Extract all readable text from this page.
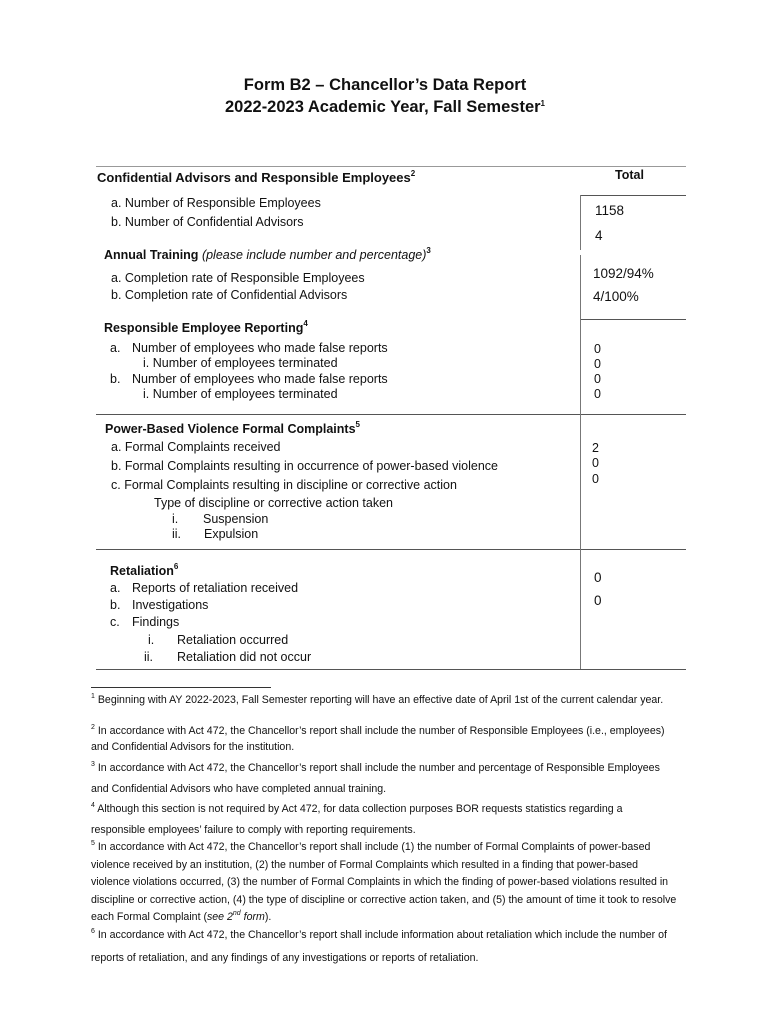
Form B2 – Chancellor’s Data Report
2022-2023 Academic Year, Fall Semester$^1$
Confidential Advisors and Responsible Employees$^2$	Total
a. Number of Responsible Employees
b. Number of Confidential Advisors
1158
4
Annual Training (please include number and percentage)$^3$
a. Completion rate of Responsible Employees
b. Completion rate of Confidential Advisors
1092/94%
4/100%
Responsible Employee Reporting$^4$
a. Number of employees who made false reports
i. Number of employees terminated
b. Number of employees who made false reports
i. Number of employees terminated
0
0
0
0
Power-Based Violence Formal Complaints$^5$
a. Formal Complaints received
b. Formal Complaints resulting in occurrence of power-based violence
c. Formal Complaints resulting in discipline or corrective action
Type of discipline or corrective action taken
i. Suspension
ii. Expulsion
2
0
0
Retaliation$^6$
a. Reports of retaliation received
b. Investigations
c. Findings
i. Retaliation occurred
ii. Retaliation did not occur
0
0
$^1$ Beginning with AY 2022-2023, Fall Semester reporting will have an effective date of April 1st of the current calendar year.
$^2$ In accordance with Act 472, the Chancellor’s report shall include the number of Responsible Employees (i.e., employees) and Confidential Advisors for the institution.
$^3$ In accordance with Act 472, the Chancellor’s report shall include the number and percentage of Responsible Employees and Confidential Advisors who have completed annual training.
$^4$ Although this section is not required by Act 472, for data collection purposes BOR requests statistics regarding a responsible employees’ failure to comply with reporting requirements.
$^5$ In accordance with Act 472, the Chancellor’s report shall include (1) the number of Formal Complaints of power-based violence received by an institution, (2) the number of Formal Complaints which resulted in a finding that power-based violence violations occurred, (3) the number of Formal Complaints in which the finding of power-based violations resulted in discipline or corrective action, (4) the type of discipline or corrective action taken, and (5) the amount of time it took to resolve each Formal Complaint (see 2nd form).
$^6$ In accordance with Act 472, the Chancellor’s report shall include information about retaliation which include the number of reports of retaliation, and any findings of any investigations or reports of retaliation.
